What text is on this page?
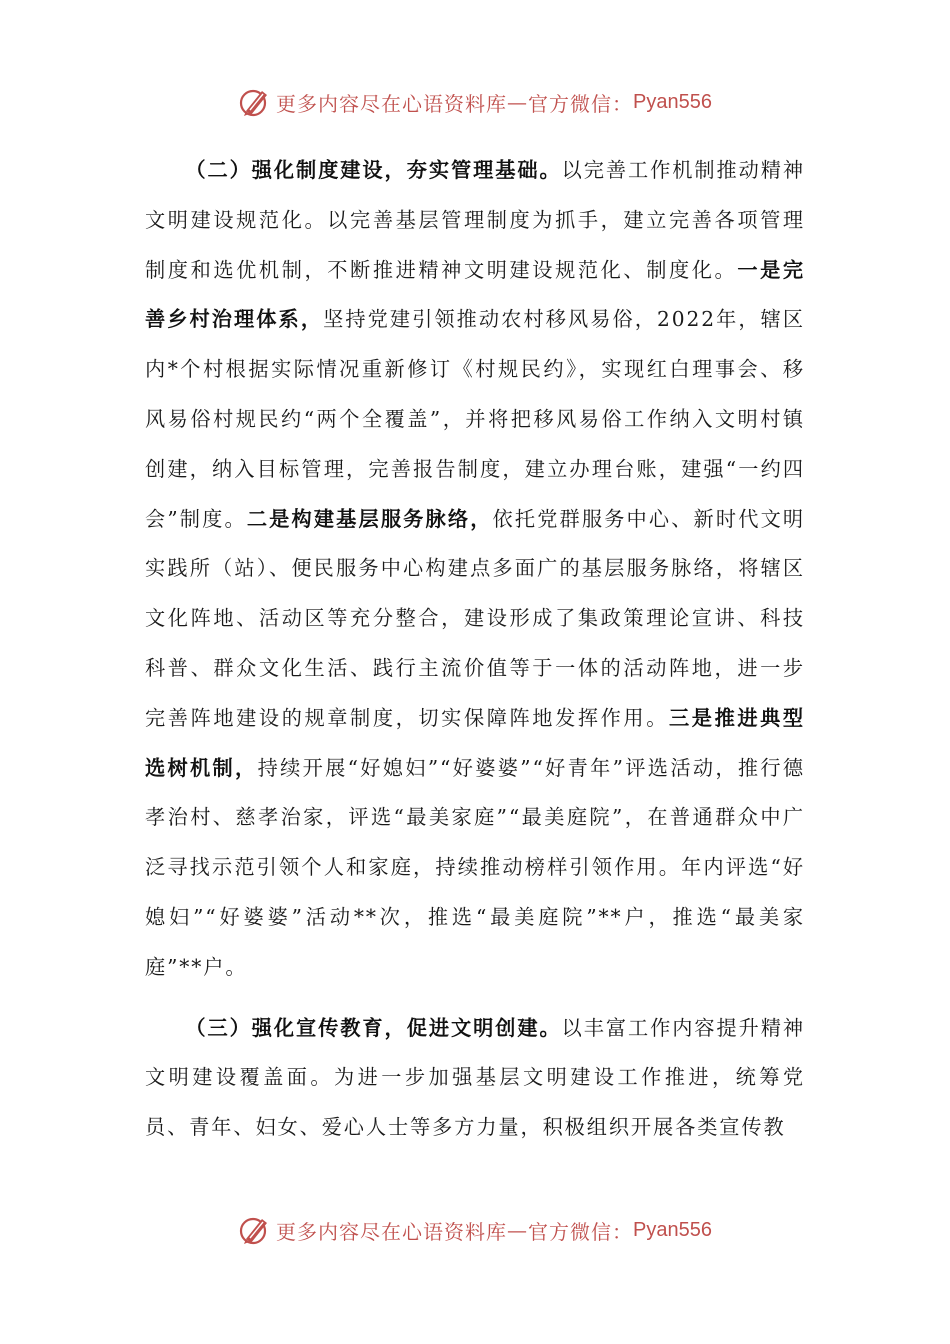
更多内容尽在心语资料库 — 官方微信： Pyan556

（二）强化制度建设，夯实管理基础。以完善工作机制推动精神文明建设规范化。以完善基层管理制度为抓手，建立完善各项管理制度和选优机制，不断推进精神文明建设规范化、制度化。一是完善乡村治理体系，坚持党建引领推动农村移风易俗，2022年，辖区内*个村根据实际情况重新修订《村规民约》，实现红白理事会、移风易俗村规民约“两个全覆盖”，并将把移风易俗工作纳入文明村镇创建，纳入目标管理，完善报告制度，建立办理台账，建强“一约四会”制度。二是构建基层服务脉络，依托党群服务中心、新时代文明实践所（站）、便民服务中心构建点多面广的基层服务脉络，将辖区文化阵地、活动区等充分整合，建设形成了集政策理论宣讲、科技科普、群众文化生活、践行主流价值等于一体的活动阵地，进一步完善阵地建设的规章制度，切实保障阵地发挥作用。三是推进典型选树机制，持续开展“好媳妇”“好婆婆”“好青年”评选活动，推行德孝治村、慈孝治家，评选“最美家庭”“最美庭院”，在普通群众中广泛寻找示范引领个人和家庭，持续推动榜样引领作用。年内评选“好媳妇”“好婆婆”活动**次，推选“最美庭院”**户，推选“最美家庭”**户。

（三）强化宣传教育，促进文明创建。以丰富工作内容提升精神文明建设覆盖面。为进一步加强基层文明建设工作推进，统筹党员、青年、妇女、爱心人士等多方力量，积极组织开展各类宣传教

更多内容尽在心语资料库 — 官方微信： Pyan556
